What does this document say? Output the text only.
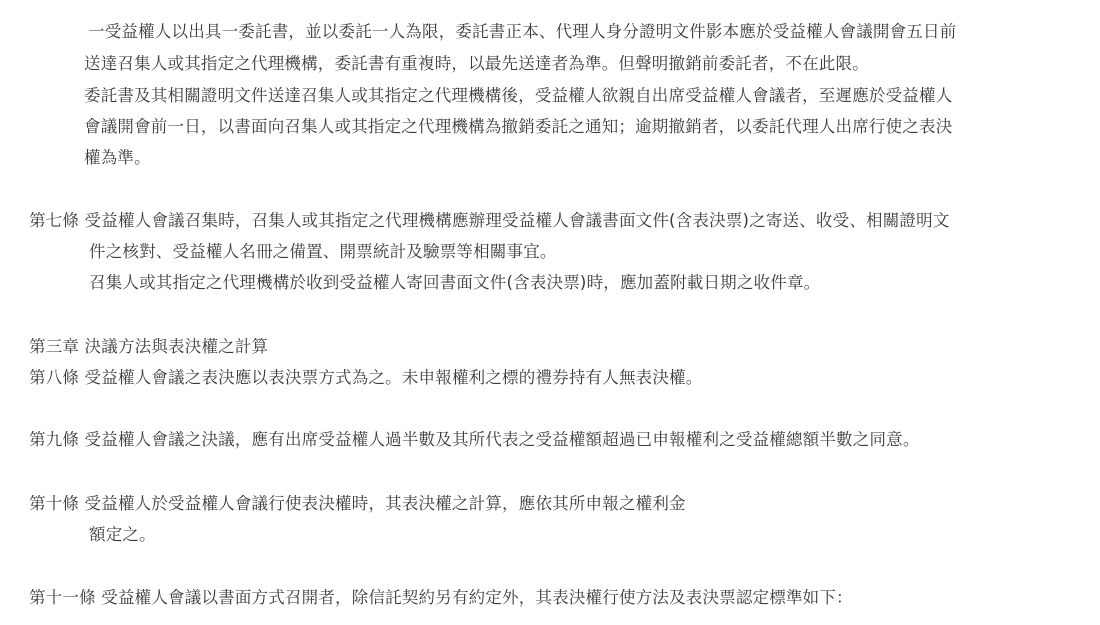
一受益權人以出具一委託書，並以委託一人為限，委託書正本、代理人身分證明文件影本應於受益權人會議開會五日前
送達召集人或其指定之代理機構，委託書有重複時，以最先送達者為準。但聲明撤銷前委託者，不在此限。
委託書及其相關證明文件送達召集人或其指定之代理機構後，受益權人欲親自出席受益權人會議者，至遲應於受益權人
會議開會前一日，以書面向召集人或其指定之代理機構為撤銷委託之通知；逾期撤銷者，以委託代理人出席行使之表決
權為準。
第七條 受益權人會議召集時，召集人或其指定之代理機構應辦理受益權人會議書面文件(含表決票)之寄送、收受、相關證明文
件之核對、受益權人名冊之備置、開票統計及驗票等相關事宜。
召集人或其指定之代理機構於收到受益權人寄回書面文件(含表決票)時，應加蓋附載日期之收件章。
第三章 決議方法與表決權之計算
第八條 受益權人會議之表決應以表決票方式為之。未申報權利之標的禮券持有人無表決權。
第九條 受益權人會議之決議，應有出席受益權人過半數及其所代表之受益權額超過已申報權利之受益權總額半數之同意。
第十條 受益權人於受益權人會議行使表決權時，其表決權之計算，應依其所申報之權利金
額定之。
第十一條 受益權人會議以書面方式召開者，除信託契約另有約定外，其表決權行使方法及表決票認定標準如下：
